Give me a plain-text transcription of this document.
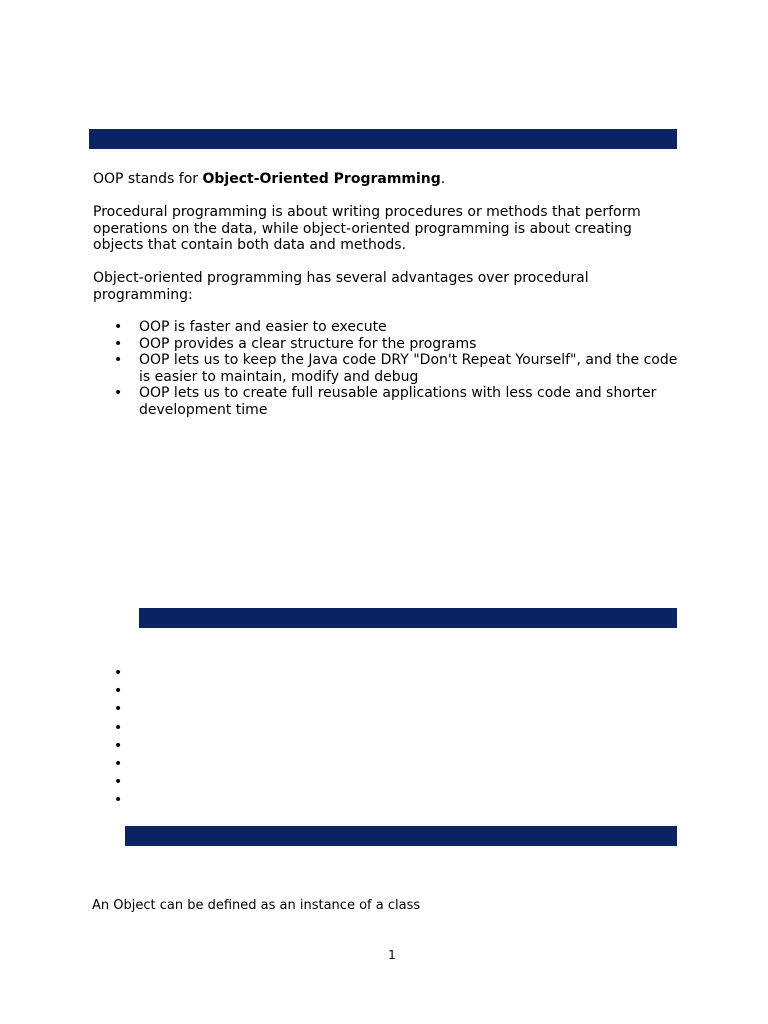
OOP stands for Object-Oriented Programming.

Procedural programming is about writing procedures or methods that perform operations on the data, while object-oriented programming is about creating objects that contain both data and methods.

Object-oriented programming has several advantages over procedural programming:

• OOP is faster and easier to execute
• OOP provides a clear structure for the programs
• OOP lets us to keep the Java code DRY "Don't Repeat Yourself", and the code is easier to maintain, modify and debug
• OOP lets us to create full reusable applications with less code and shorter development time
•
•
•
•
•
•
•
•

An Object can be defined as an instance of a class

1
